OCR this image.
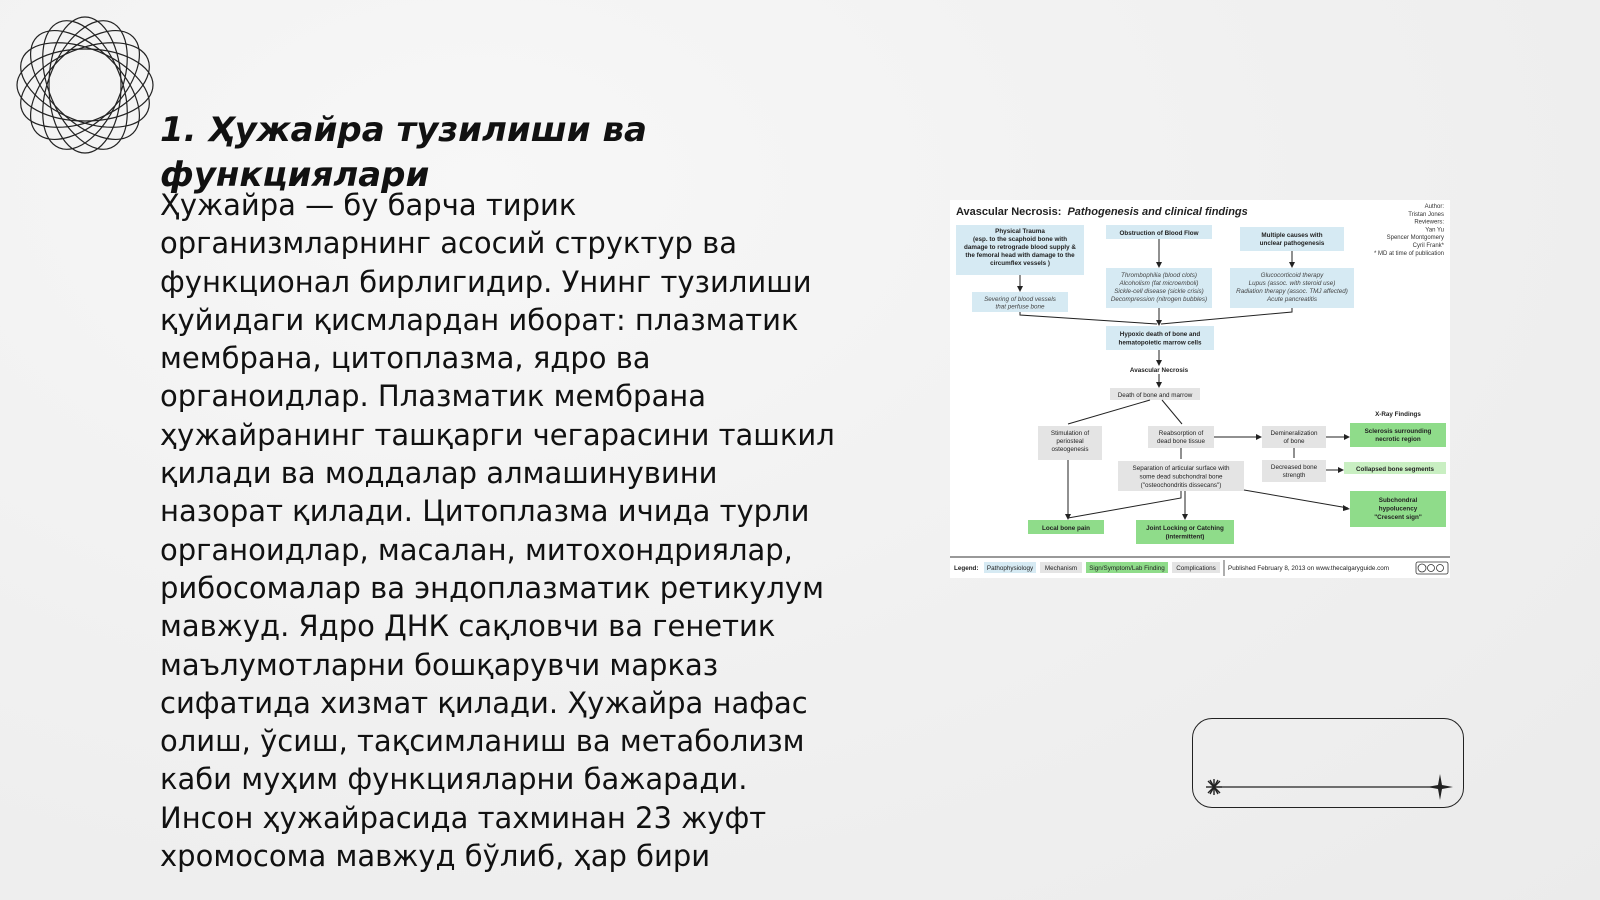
1. Ҳужайра тузилиши ва функциялари

Ҳужайра — бу барча тирик организмларнинг асосий структур ва функционал бирлигидир. Унинг тузилиши қуйидаги қисмлардан иборат: плазматик мембрана, цитоплазма, ядро ва органоидлар. Плазматик мембрана ҳужайранинг ташқарги чегарасини ташкил қилади ва моддалар алмашинувини назорат қилади. Цитоплазма ичида турли органоидлар, масалан, митохондриялар, рибосомалар ва эндоплазматик ретикулум мавжуд. Ядро ДНК сақловчи ва генетик маълумотларни бошқарувчи марказ сифатида хизмат қилади. Ҳужайра нафас олиш, ўсиш, тақсимланиш ва метаболизм каби муҳим функцияларни бажаради. Инсон ҳужайрасида тахминан 23 жуфт хромосома мавжуд бўлиб, ҳар бири

Avascular Necrosis: Pathogenesis and clinical findings	Author: Tristan Jones Reviewers: Yan Yu Spencer Montgomery Cyril Frank* * MD at time of publication
Physical Trauma (esp. to the scaphoid bone with damage to retrograde blood supply & the femoral head with damage to the circumflex vessels )
Severing of blood vessels that perfuse bone
Obstruction of Blood Flow
Thrombophilia (blood clots) Alcoholism (fat microemboli) Sickle-cell disease (sickle crisis) Decompression (nitrogen bubbles)
Multiple causes with unclear pathogenesis
Glucocorticoid therapy Lupus (assoc. with steroid use) Radiation therapy (assoc. TMJ affected) Acute pancreatitis
Hypoxic death of bone and hematopoietic marrow cells
Avascular Necrosis
Death of bone and marrow
Stimulation of periosteal osteogenesis
Reabsorption of dead bone tissue
Demineralization of bone
Decreased bone strength
Separation of articular surface with some dead subchondral bone ("osteochondritis dissecans")
X-Ray Findings
Sclerosis surrounding necrotic region
Collapsed bone segments
Subchondral hypolucency "Crescent sign"
Local bone pain	Joint Locking or Catching (intermittent)
Legend: Pathophysiology Mechanism Sign/Symptom/Lab Finding Complications Published February 8, 2013 on www.thecalgaryguide.com
